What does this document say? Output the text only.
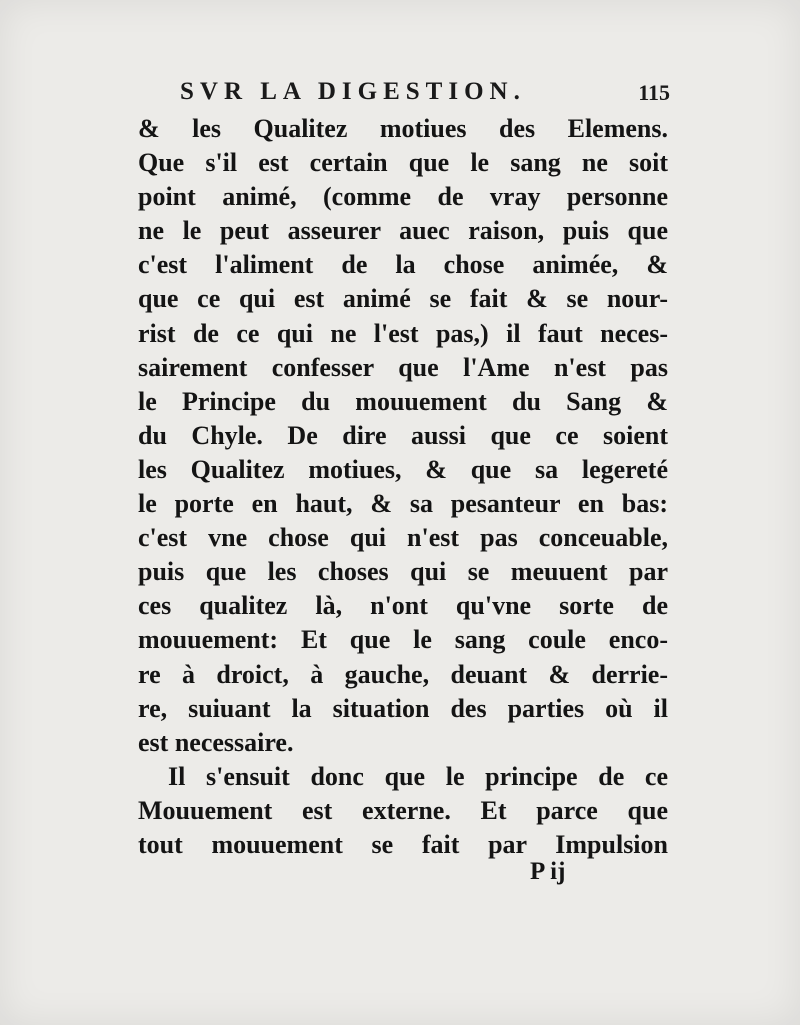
SVR LA DIGESTION.	115
& les Qualitez motiues des Elemens.
Que s'il est certain que le sang ne soit
point animé, (comme de vray personne
ne le peut asseurer auec raison, puis que
c'est l'aliment de la chose animée, &
que ce qui est animé se fait & se nour-
rist de ce qui ne l'est pas,) il faut neces-
sairement confesser que l'Ame n'est pas
le Principe du mouuement du Sang &
du Chyle. De dire aussi que ce soient
les Qualitez motiues, & que sa legereté
le porte en haut, & sa pesanteur en bas:
c'est vne chose qui n'est pas conceuable,
puis que les choses qui se meuuent par
ces qualitez là, n'ont qu'vne sorte de
mouuement: Et que le sang coule enco-
re à droict, à gauche, deuant & derrie-
re, suiuant la situation des parties où il
est necessaire.
Il s'ensuit donc que le principe de ce
Mouuement est externe. Et parce que
tout mouuement se fait par Impulsion
P ij
